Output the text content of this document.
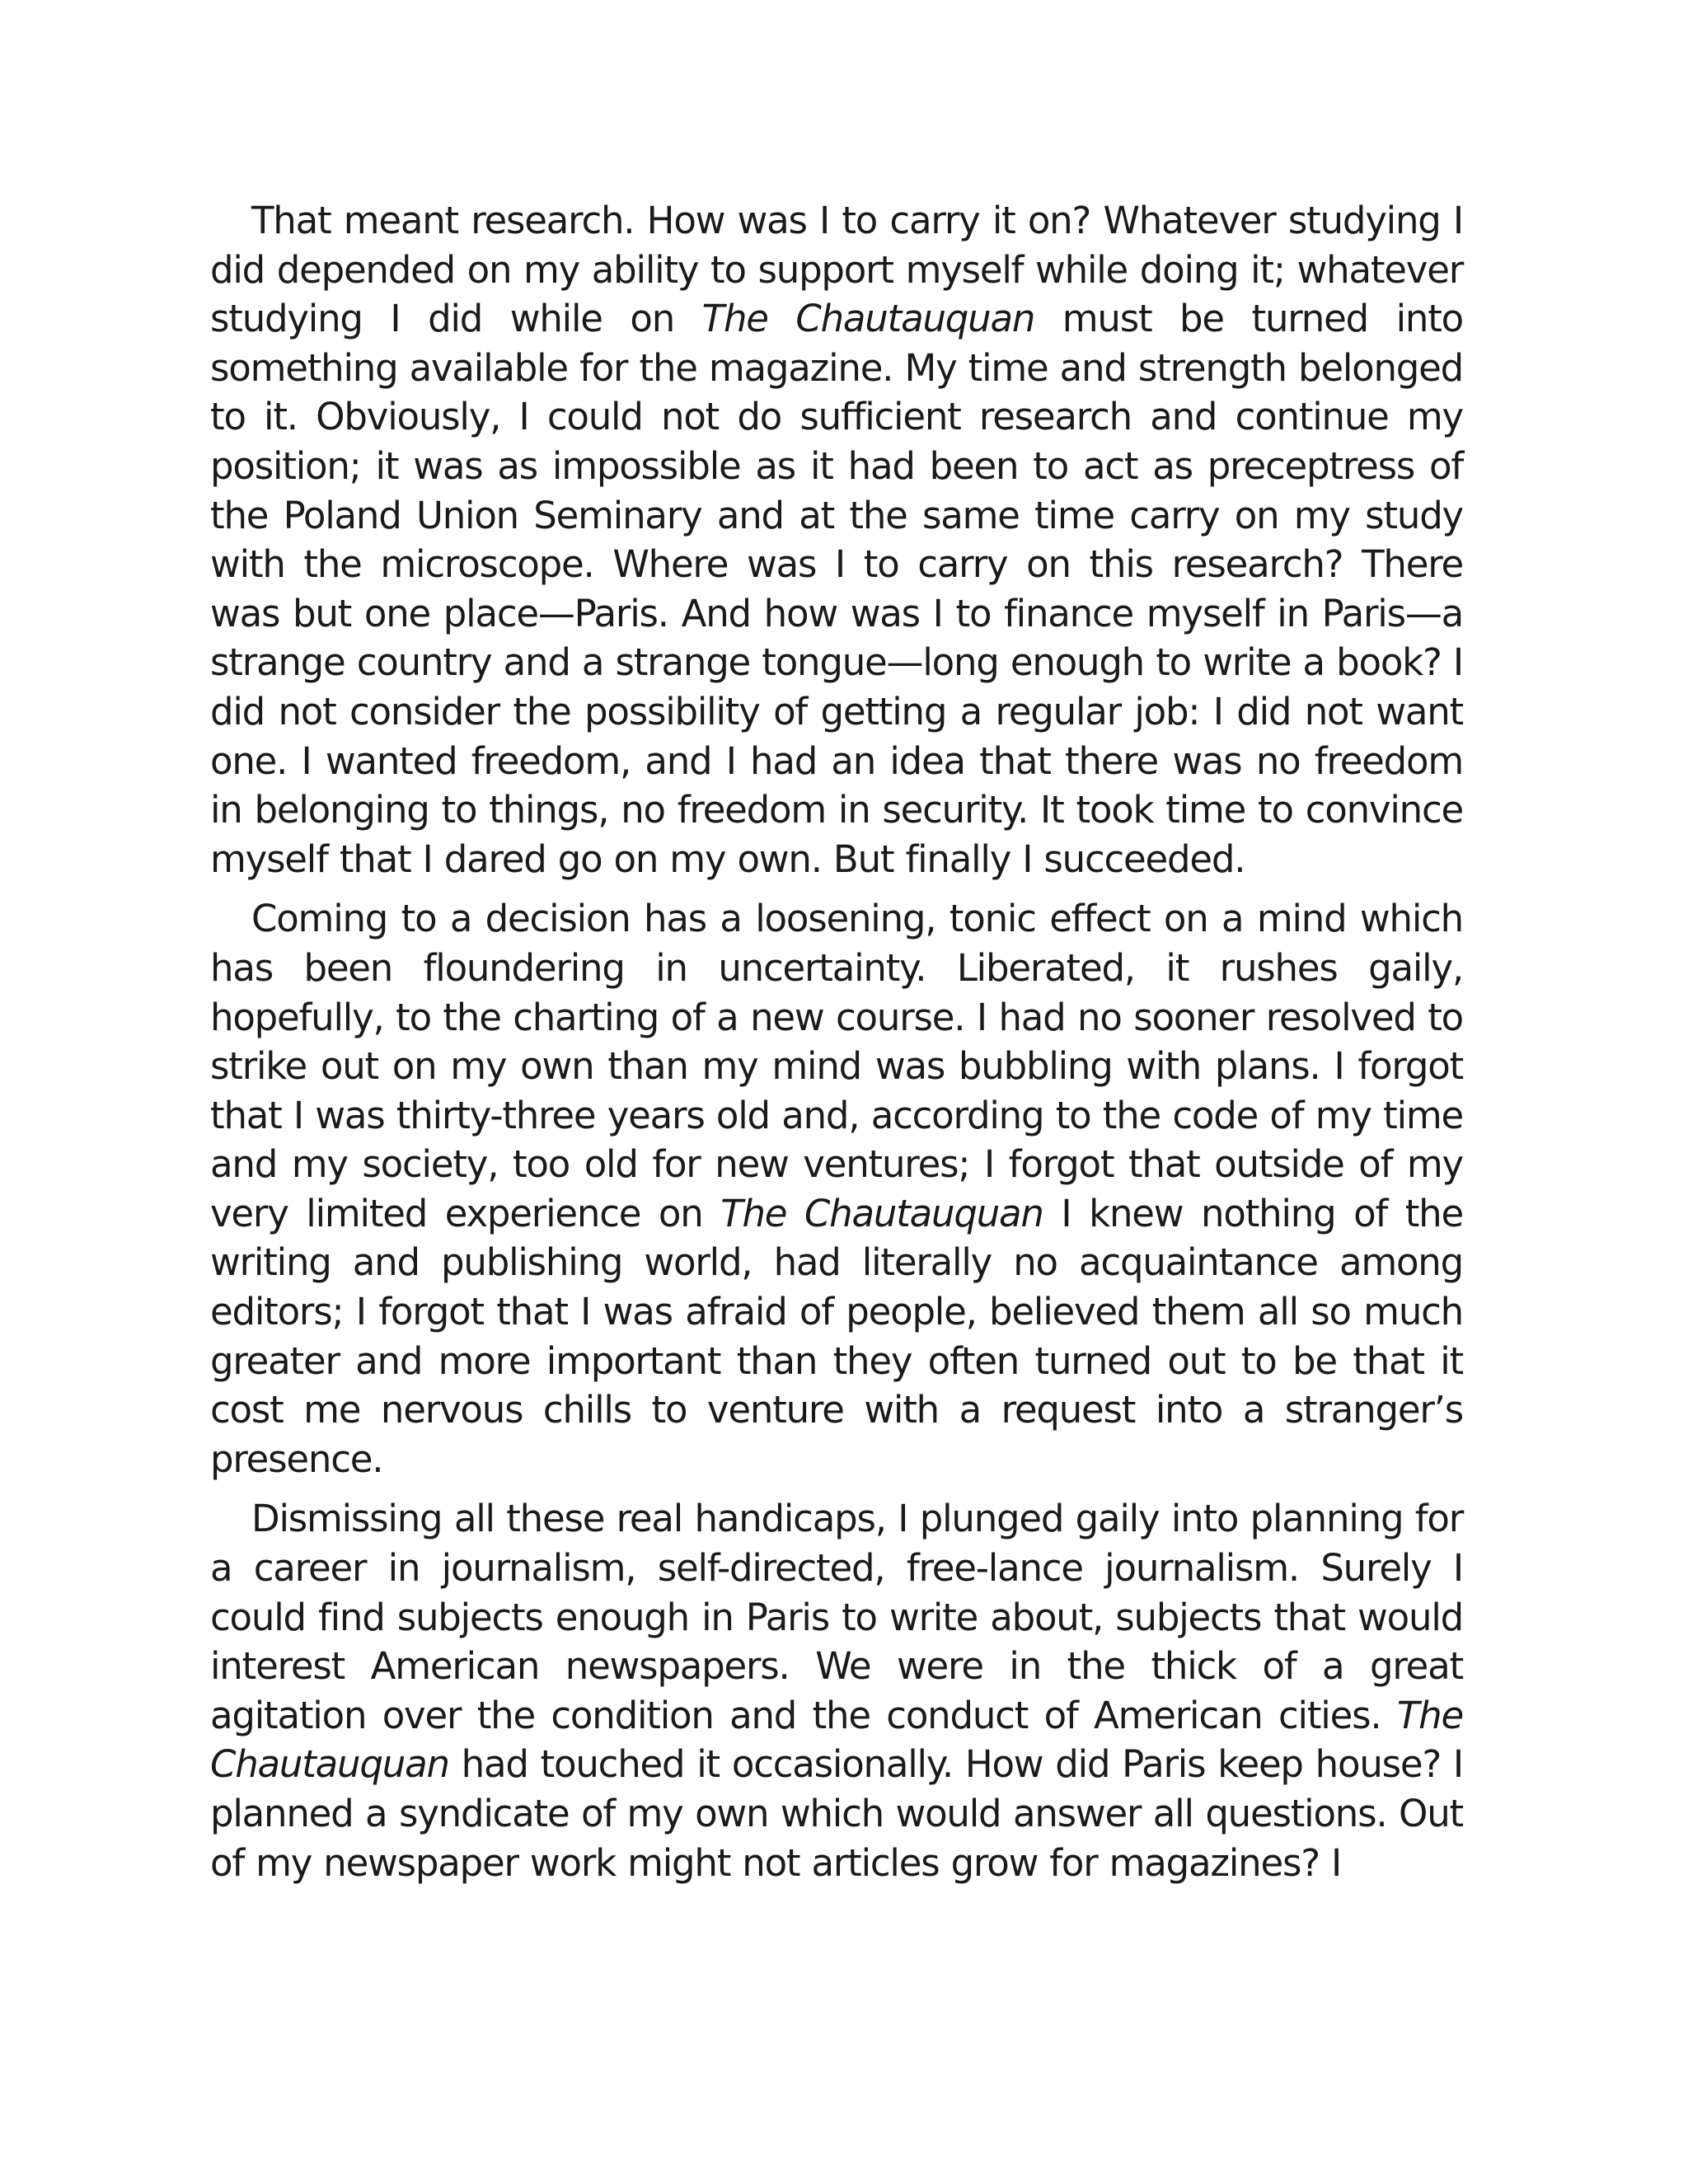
That meant research. How was I to carry it on? Whatever studying I did depended on my ability to support myself while doing it; whatever studying I did while on The Chautauquan must be turned into something available for the magazine. My time and strength belonged to it. Obviously, I could not do sufficient research and continue my position; it was as impossible as it had been to act as preceptress of the Poland Union Seminary and at the same time carry on my study with the microscope. Where was I to carry on this research? There was but one place—Paris. And how was I to finance myself in Paris—a strange country and a strange tongue—long enough to write a book? I did not consider the possibility of getting a regular job: I did not want one. I wanted freedom, and I had an idea that there was no freedom in belonging to things, no freedom in security. It took time to convince myself that I dared go on my own. But finally I succeeded.

Coming to a decision has a loosening, tonic effect on a mind which has been floundering in uncertainty. Liberated, it rushes gaily, hopefully, to the charting of a new course. I had no sooner resolved to strike out on my own than my mind was bubbling with plans. I forgot that I was thirty-three years old and, according to the code of my time and my society, too old for new ventures; I forgot that outside of my very limited experience on The Chautauquan I knew nothing of the writing and publishing world, had literally no acquaintance among editors; I forgot that I was afraid of people, believed them all so much greater and more important than they often turned out to be that it cost me nervous chills to venture with a request into a stranger’s presence.

Dismissing all these real handicaps, I plunged gaily into planning for a career in journalism, self-directed, free-lance journalism. Surely I could find subjects enough in Paris to write about, subjects that would interest American newspapers. We were in the thick of a great agitation over the condition and the conduct of American cities. The Chautauquan had touched it occasionally. How did Paris keep house? I planned a syndicate of my own which would answer all questions. Out of my newspaper work might not articles grow for magazines? I
